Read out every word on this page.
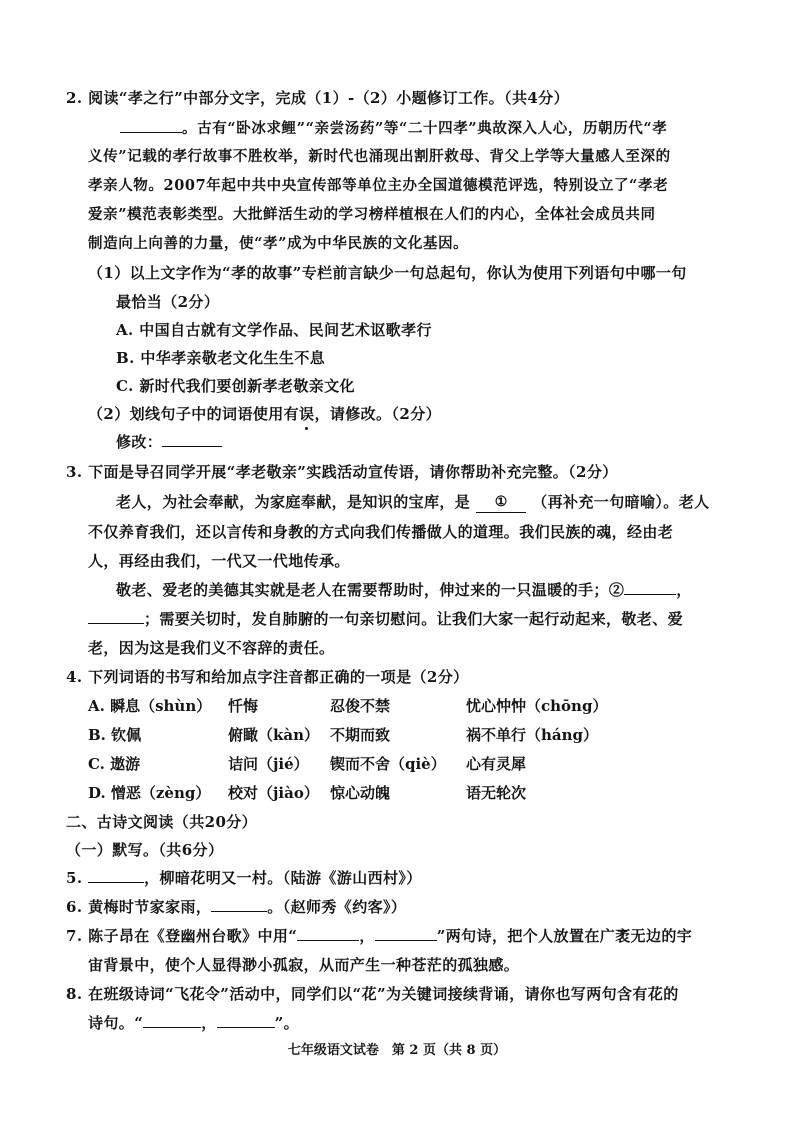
2. 阅读“孝之行”中部分文字，完成（1）-（2）小题修订工作。（共4分）
。古有“卧冰求鲤”“亲尝汤药”等“二十四孝”典故深入人心，历朝历代“孝
义传”记载的孝行故事不胜枚举，新时代也涌现出割肝救母、背父上学等大量感人至深的
孝亲人物。2007年起中共中央宣传部等单位主办全国道德模范评选，特别设立了“孝老
爱亲”模范表彰类型。大批鲜活生动的学习榜样植根在人们的内心，全体社会成员共同
制造向上向善的力量，使“孝”成为中华民族的文化基因。
（1）以上文字作为“孝的故事”专栏前言缺少一句总起句，你认为使用下列语句中哪一句
最恰当（2分）
A. 中国自古就有文学作品、民间艺术讴歌孝行
B. 中华孝亲敬老文化生生不息
C. 新时代我们要创新孝老敬亲文化
（2）划线句子中的词语使用有误，请修改。（2分）
修改：
3. 下面是导召同学开展“孝老敬亲”实践活动宣传语，请你帮助补充完整。（2分）
老人，为社会奉献，为家庭奉献，是知识的宝库，是 ① （再补充一句暗喻）。老人
不仅养育我们，还以言传和身教的方式向我们传播做人的道理。我们民族的魂，经由老
人，再经由我们，一代又一代地传承。
敬老、爱老的美德其实就是老人在需要帮助时，伸过来的一只温暖的手；②	，
；需要关切时，发自肺腑的一句亲切慰问。让我们大家一起行动起来，敬老、爱
老，因为这是我们义不容辞的责任。
4. 下列词语的书写和给加点字注音都正确的一项是（2分）
A. 瞬息（shùn） 忏悔	忍俊不禁	忧心忡忡（chōng）
B. 钦佩	俯瞰（kàn） 不期而致	祸不单行（háng）
C. 遨游	诘问（jié） 锲而不舍（qiè） 心有灵犀
D. 憎恶（zèng） 校对（jiào） 惊心动魄	语无轮次
二、古诗文阅读（共20分）
（一）默写。（共6分）
5.	，柳暗花明又一村。（陆游《游山西村》）
6. 黄梅时节家家雨，	。（赵师秀《约客》）
7. 陈子昂在《登幽州台歌》中用“	，	”两句诗，把个人放置在广袤无边的宇
宙背景中，使个人显得渺小孤寂，从而产生一种苍茫的孤独感。
8. 在班级诗词“飞花令”活动中，同学们以“花”为关键词接续背诵，请你也写两句含有花的
诗句。“	，	”。
七年级语文试卷　第 2 页（共 8 页）
